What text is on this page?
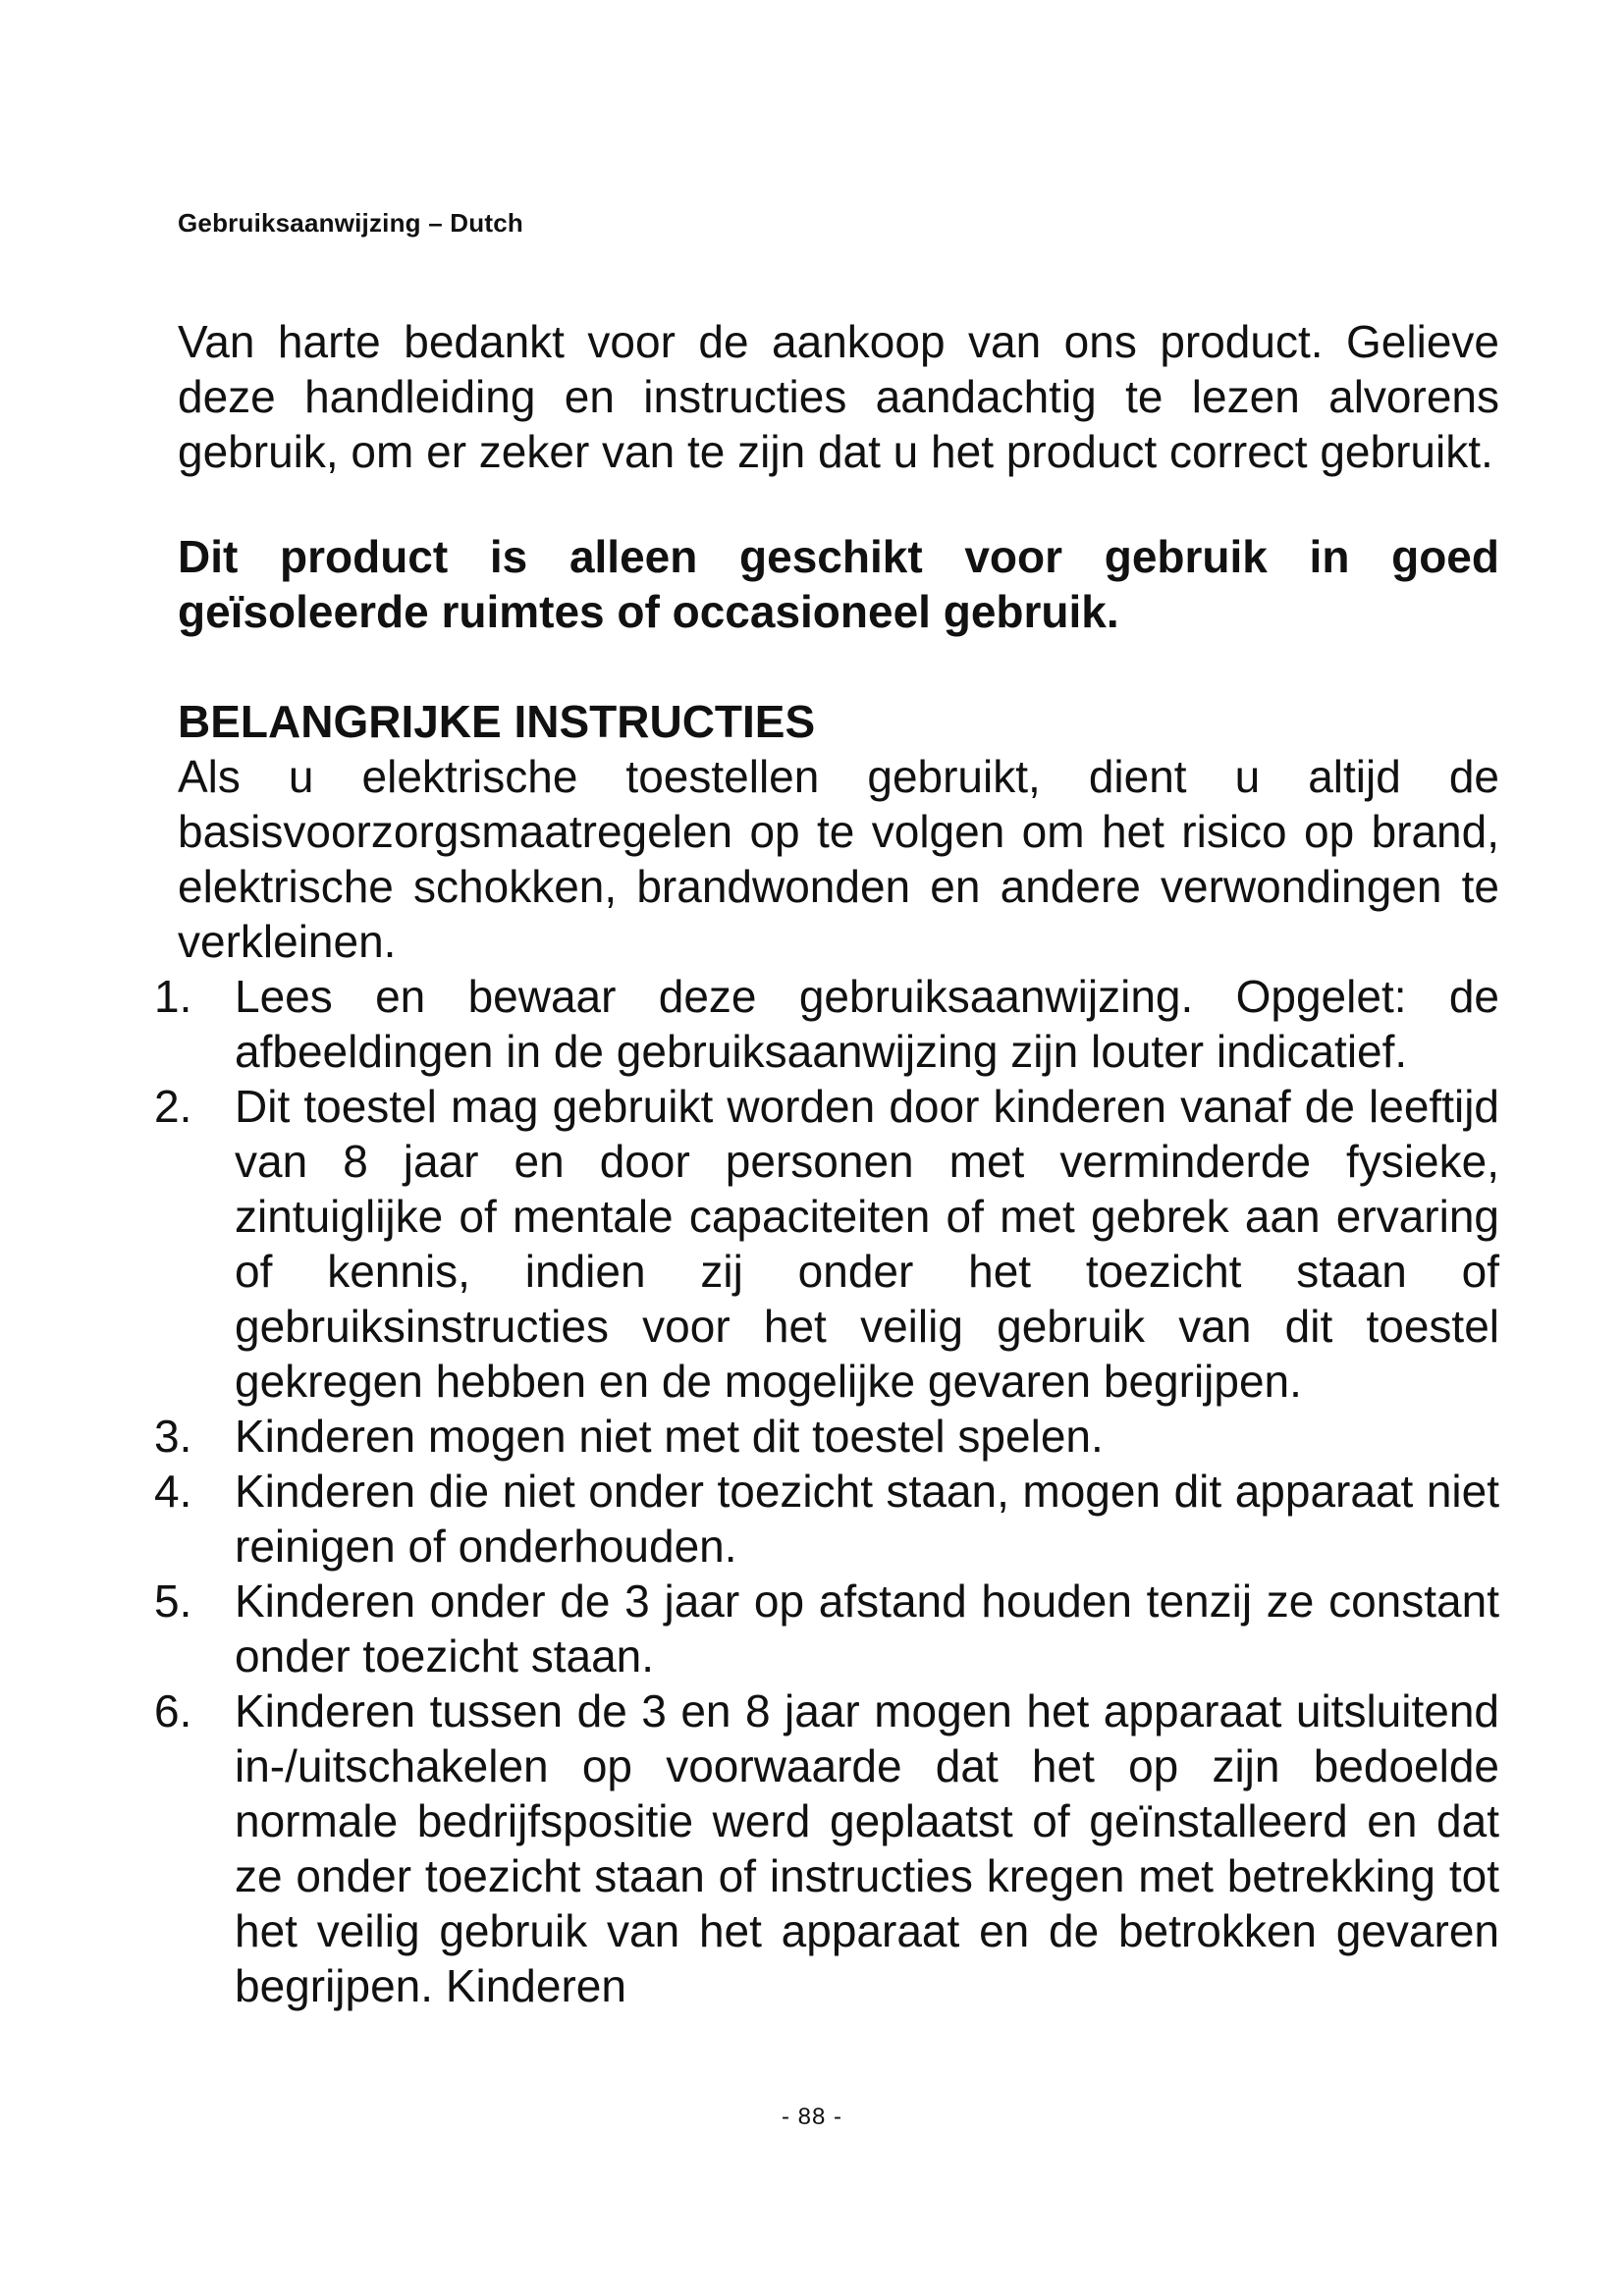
Gebruiksaanwijzing – Dutch

Van harte bedankt voor de aankoop van ons product. Gelieve deze handleiding en instructies aandachtig te lezen alvorens gebruik, om er zeker van te zijn dat u het product correct gebruikt.

Dit product is alleen geschikt voor gebruik in goed geïsoleerde ruimtes of occasioneel gebruik.

BELANGRIJKE INSTRUCTIES

Als u elektrische toestellen gebruikt, dient u altijd de basisvoorzorgsmaatregelen op te volgen om het risico op brand, elektrische schokken, brandwonden en andere verwondingen te verkleinen.

1. Lees en bewaar deze gebruiksaanwijzing. Opgelet: de afbeeldingen in de gebruiksaanwijzing zijn louter indicatief.
2. Dit toestel mag gebruikt worden door kinderen vanaf de leeftijd van 8 jaar en door personen met verminderde fysieke, zintuiglijke of mentale capaciteiten of met gebrek aan ervaring of kennis, indien zij onder het toezicht staan of gebruiksinstructies voor het veilig gebruik van dit toestel gekregen hebben en de mogelijke gevaren begrijpen.
3. Kinderen mogen niet met dit toestel spelen.
4. Kinderen die niet onder toezicht staan, mogen dit apparaat niet reinigen of onderhouden.
5. Kinderen onder de 3 jaar op afstand houden tenzij ze constant onder toezicht staan.
6. Kinderen tussen de 3 en 8 jaar mogen het apparaat uitsluitend in-/uitschakelen op voorwaarde dat het op zijn bedoelde normale bedrijfspositie werd geplaatst of geïnstalleerd en dat ze onder toezicht staan of instructies kregen met betrekking tot het veilig gebruik van het apparaat en de betrokken gevaren begrijpen. Kinderen
- 88 -
